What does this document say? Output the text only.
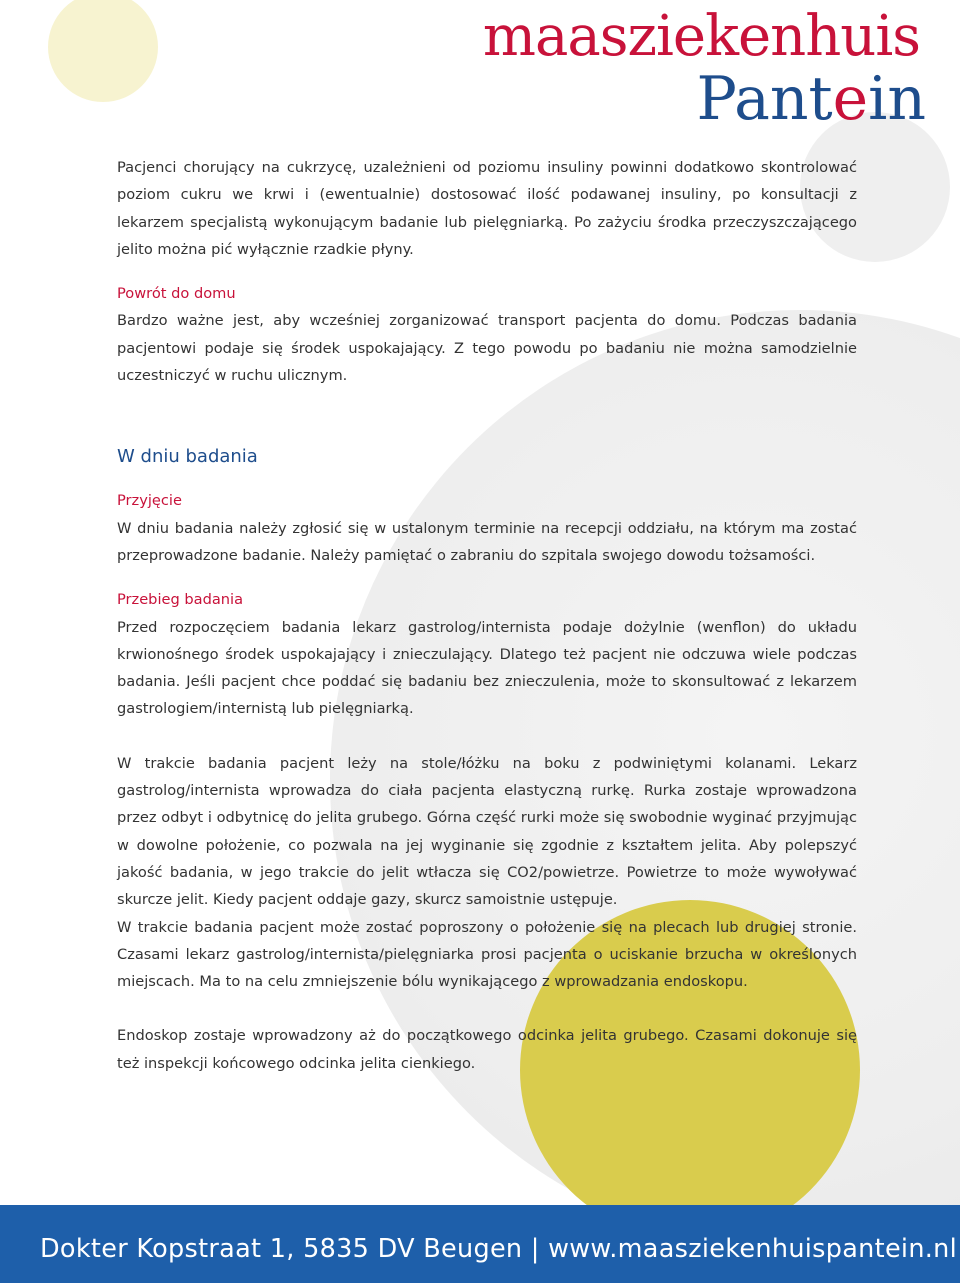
maasziekenhuis
Pantein

Pacjenci chorujący na cukrzycę, uzależnieni od poziomu insuliny powinni dodatkowo skontrolować poziom cukru we krwi i (ewentualnie) dostosować ilość podawanej insuliny, po konsultacji z lekarzem specjalistą wykonującym badanie lub pielęgniarką. Po zażyciu środka przeczyszczającego jelito można pić wyłącznie rzadkie płyny.

Powrót do domu

Bardzo ważne jest, aby wcześniej zorganizować transport pacjenta do domu. Podczas badania pacjentowi podaje się środek uspokajający. Z tego powodu po badaniu nie można samodzielnie uczestniczyć w ruchu ulicznym.

W dniu badania
Przyjęcie

W dniu badania należy zgłosić się w ustalonym terminie na recepcji oddziału, na którym ma zostać przeprowadzone badanie. Należy pamiętać o zabraniu do szpitala swojego dowodu tożsamości.

Przebieg badania

Przed rozpoczęciem badania lekarz gastrolog/internista podaje dożylnie (wenflon) do układu krwionośnego środek uspokajający i znieczulający. Dlatego też pacjent nie odczuwa wiele podczas badania. Jeśli pacjent chce poddać się badaniu bez znieczulenia, może to skonsultować z lekarzem gastrologiem/internistą lub pielęgniarką.

W trakcie badania pacjent leży na stole/łóżku na boku z podwiniętymi kolanami. Lekarz gastrolog/internista wprowadza do ciała pacjenta elastyczną rurkę. Rurka zostaje wprowadzona przez odbyt i odbytnicę do jelita grubego. Górna część rurki może się swobodnie wyginać przyjmując w dowolne położenie, co pozwala na jej wyginanie się zgodnie z kształtem jelita. Aby polepszyć jakość badania, w jego trakcie do jelit wtłacza się CO2/powietrze. Powietrze to może wywoływać skurcze jelit. Kiedy pacjent oddaje gazy, skurcz samoistnie ustępuje.

W trakcie badania pacjent może zostać poproszony o położenie się na plecach lub drugiej stronie. Czasami lekarz gastrolog/internista/pielęgniarka prosi pacjenta o uciskanie brzucha w określonych miejscach. Ma to na celu zmniejszenie bólu wynikającego z wprowadzania endoskopu.

Endoskop zostaje wprowadzony aż do początkowego odcinka jelita grubego. Czasami dokonuje się też inspekcji końcowego odcinka jelita cienkiego.

Dokter Kopstraat 1, 5835 DV Beugen | www.maasziekenhuispantein.nl
